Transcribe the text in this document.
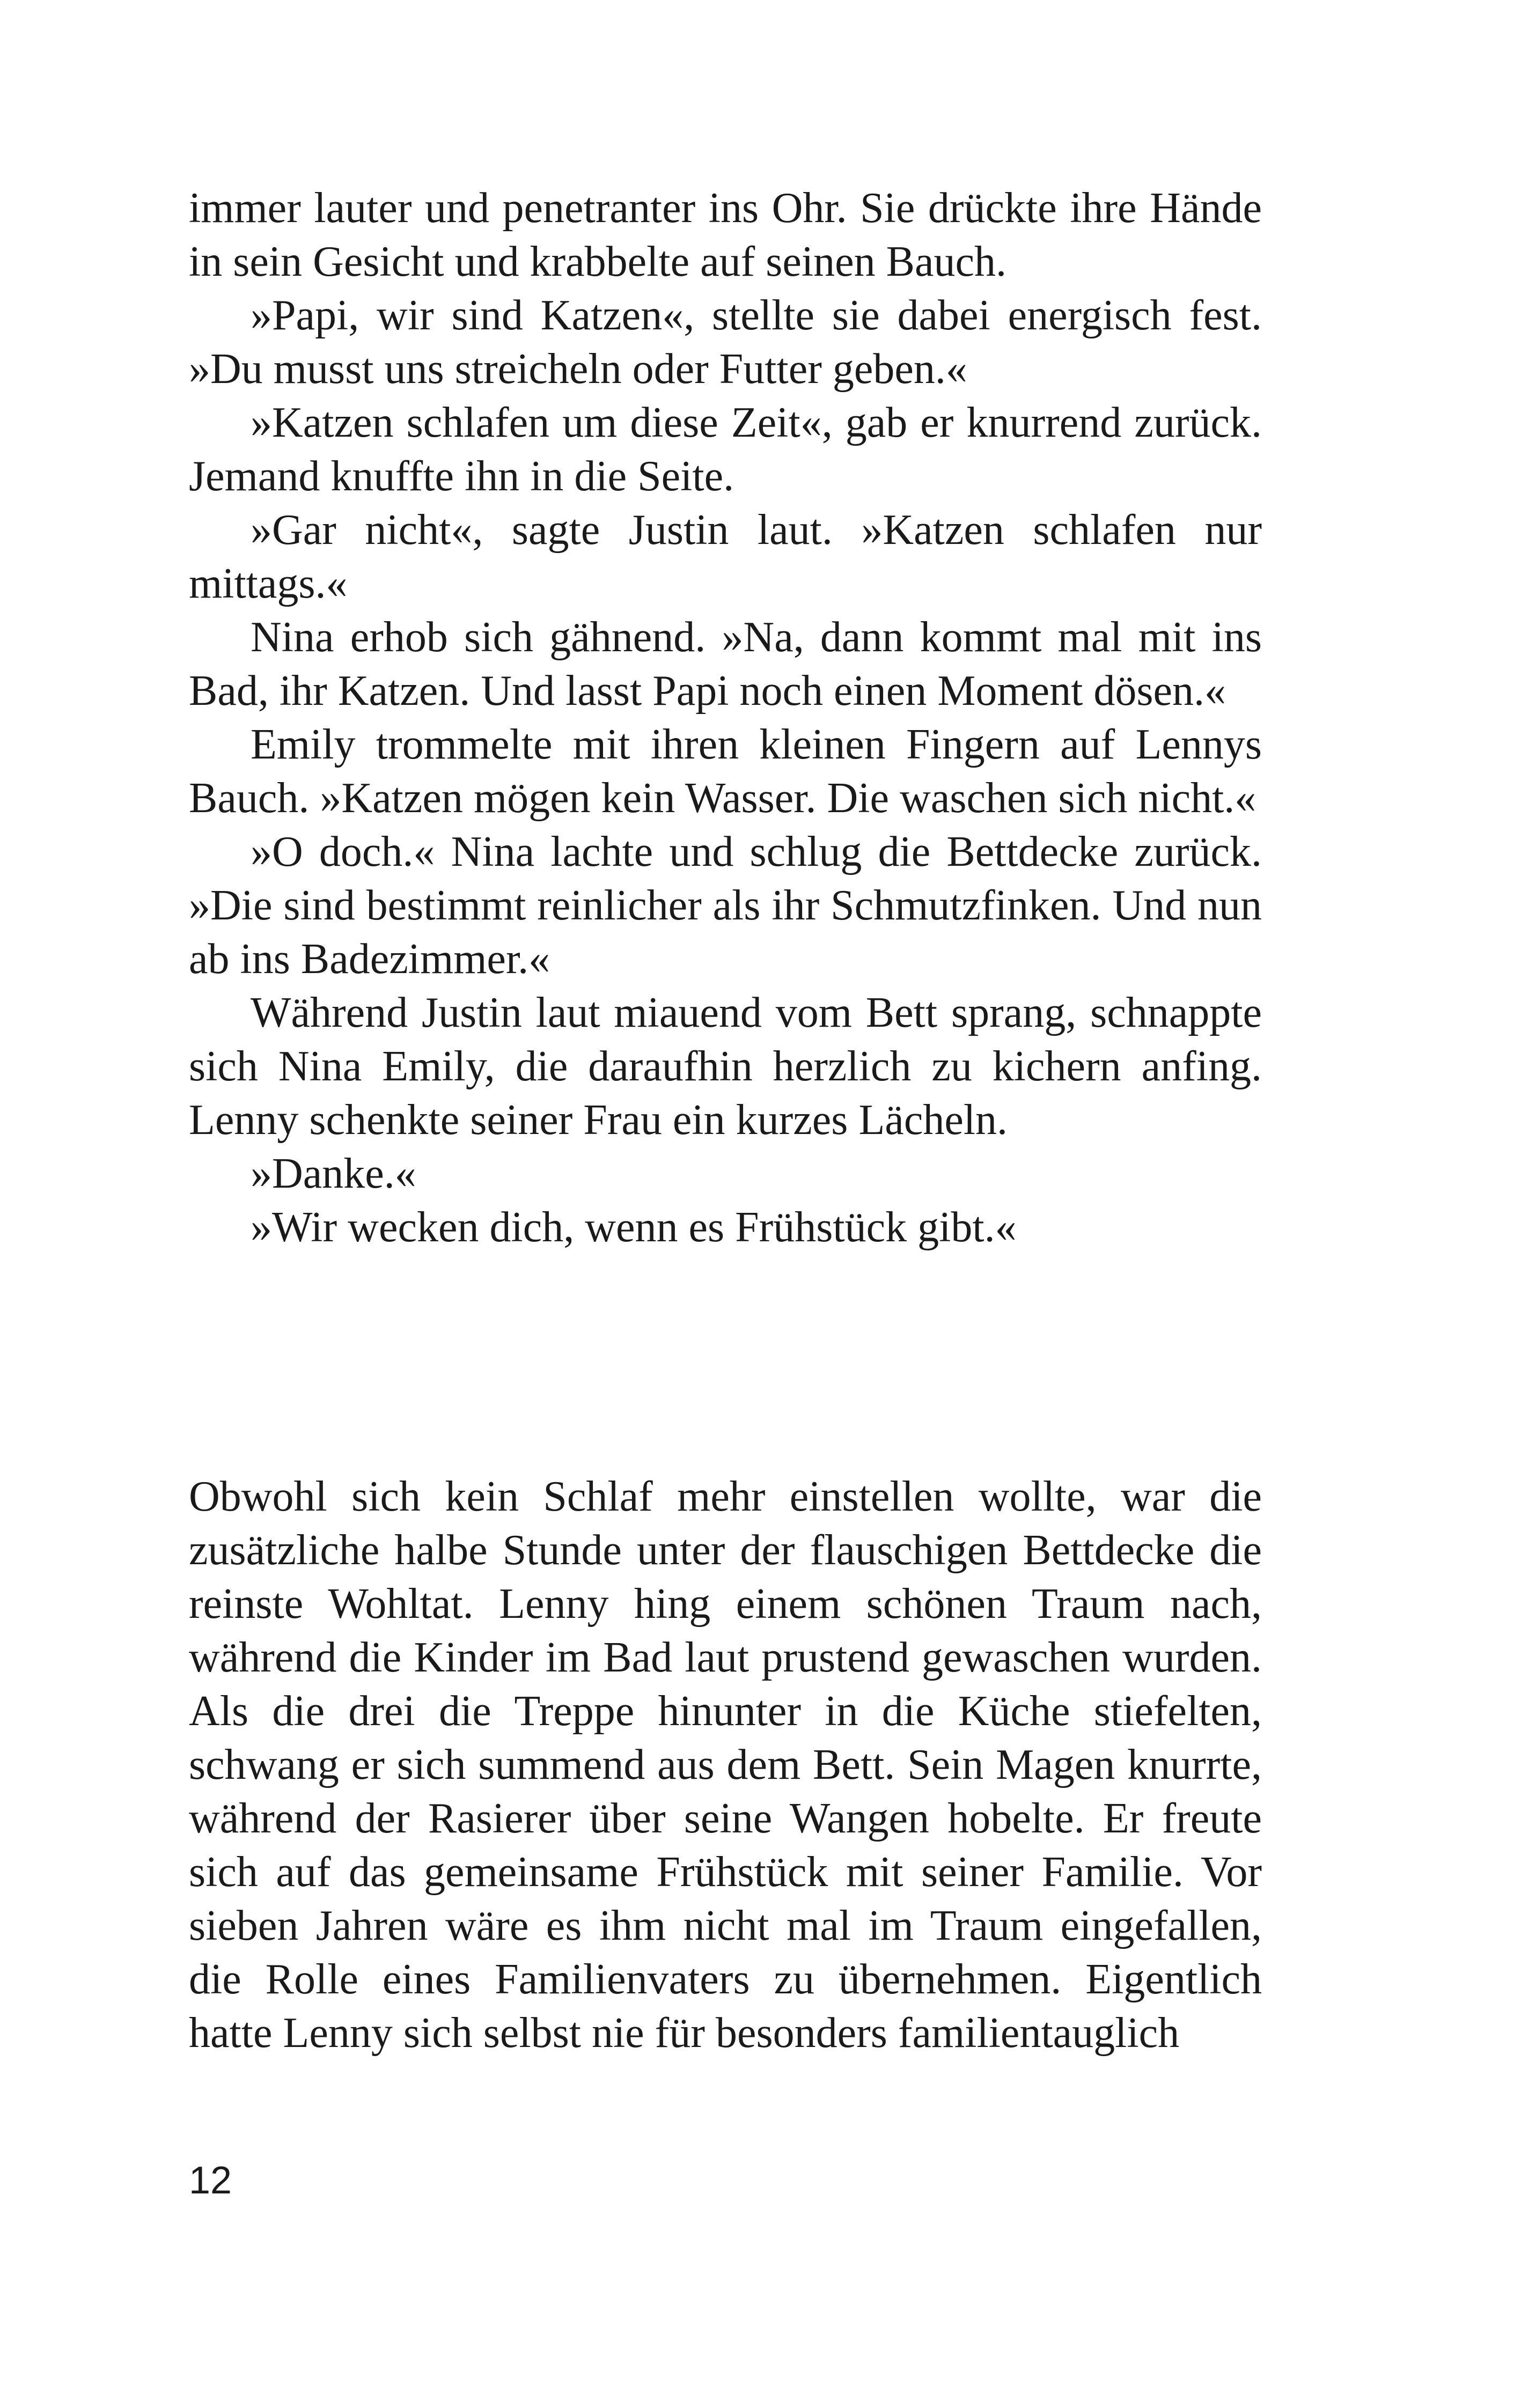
immer lauter und penetranter ins Ohr. Sie drückte ihre Hände in sein Gesicht und krabbelte auf seinen Bauch.

»Papi, wir sind Katzen«, stellte sie dabei energisch fest. »Du musst uns streicheln oder Futter geben.«

»Katzen schlafen um diese Zeit«, gab er knurrend zurück. Jemand knuffte ihn in die Seite.

»Gar nicht«, sagte Justin laut. »Katzen schlafen nur mittags.«

Nina erhob sich gähnend. »Na, dann kommt mal mit ins Bad, ihr Katzen. Und lasst Papi noch einen Moment dösen.«

Emily trommelte mit ihren kleinen Fingern auf Lennys Bauch. »Katzen mögen kein Wasser. Die waschen sich nicht.«

»O doch.« Nina lachte und schlug die Bettdecke zurück. »Die sind bestimmt reinlicher als ihr Schmutzfinken. Und nun ab ins Badezimmer.«

Während Justin laut miauend vom Bett sprang, schnappte sich Nina Emily, die daraufhin herzlich zu kichern anfing. Lenny schenkte seiner Frau ein kurzes Lächeln.

»Danke.«

»Wir wecken dich, wenn es Frühstück gibt.«

Obwohl sich kein Schlaf mehr einstellen wollte, war die zusätzliche halbe Stunde unter der flauschigen Bettdecke die reinste Wohltat. Lenny hing einem schönen Traum nach, während die Kinder im Bad laut prustend gewaschen wurden. Als die drei die Treppe hinunter in die Küche stiefelten, schwang er sich summend aus dem Bett. Sein Magen knurrte, während der Rasierer über seine Wangen hobelte. Er freute sich auf das gemeinsame Frühstück mit seiner Familie. Vor sieben Jahren wäre es ihm nicht mal im Traum eingefallen, die Rolle eines Familienvaters zu übernehmen. Eigentlich hatte Lenny sich selbst nie für besonders familientauglich

12
